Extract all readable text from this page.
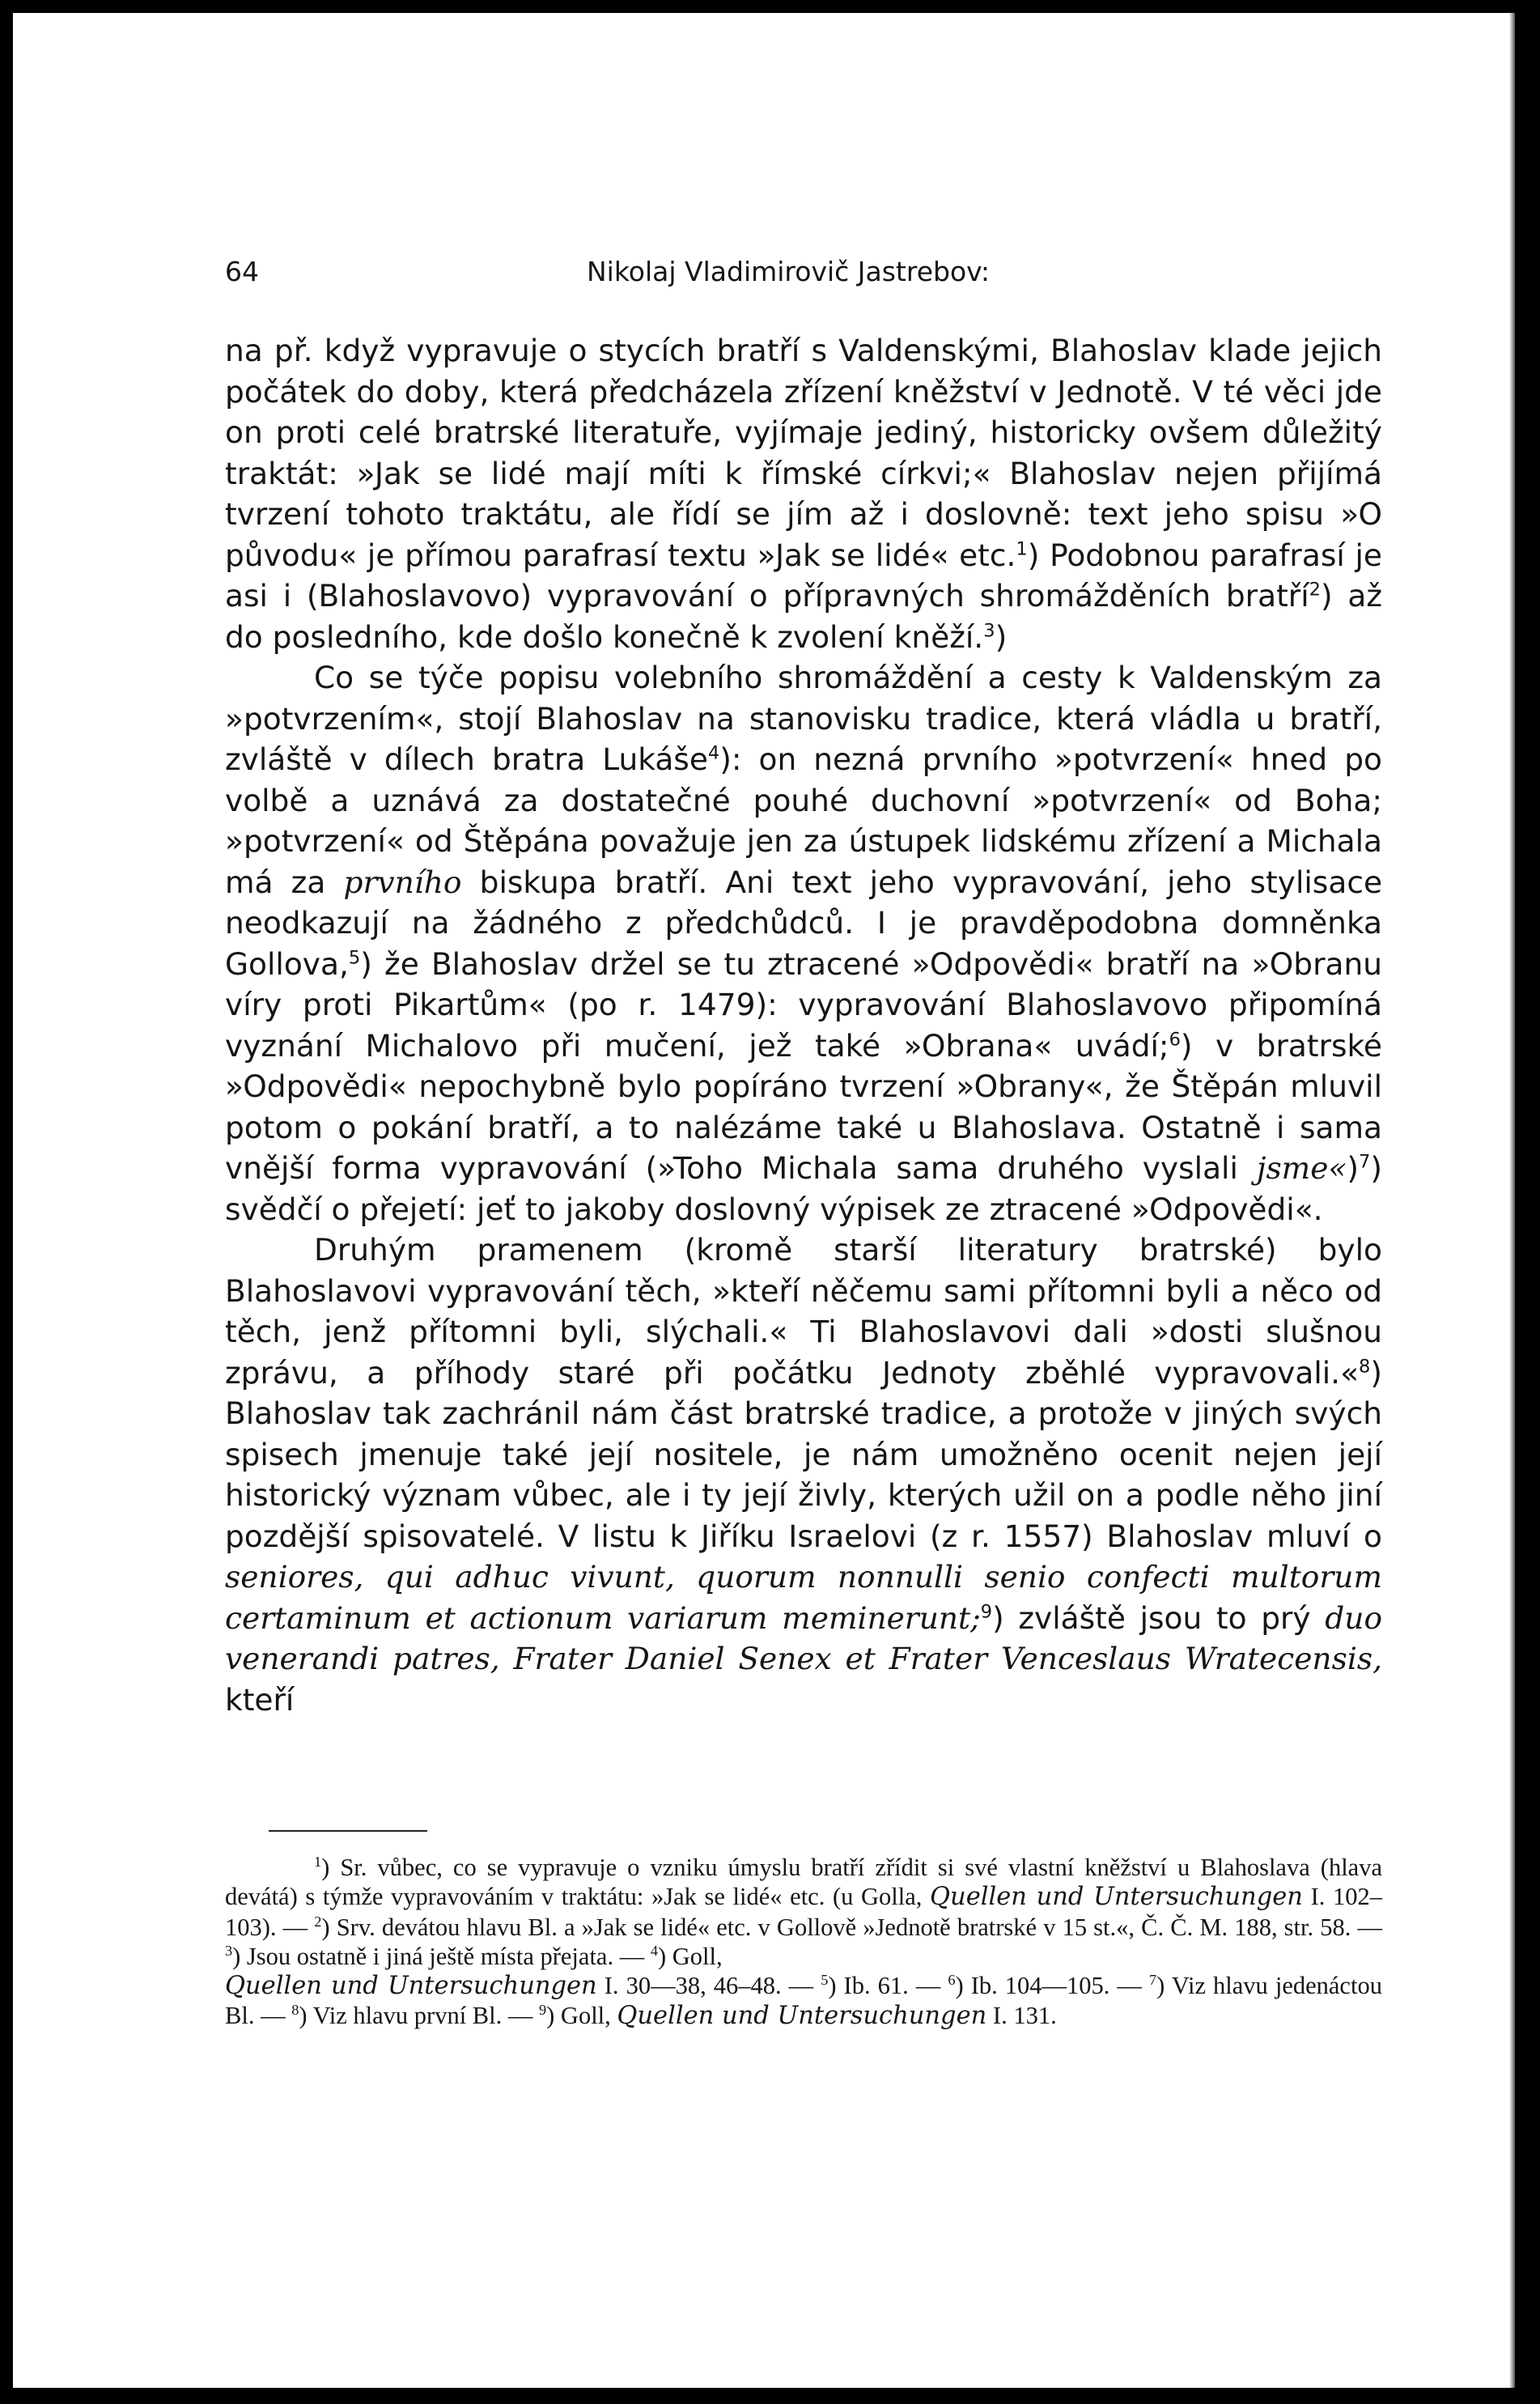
64	Nikolaj Vladimirovič Jastrebov:

na př. když vypravuje o stycích bratří s Valdenskými, Blahoslav klade jejich počátek do doby, která předcházela zřízení kněžství v Jednotě. V té věci jde on proti celé bratrské literatuře, vyjímaje jediný, historicky ovšem důležitý traktát: »Jak se lidé mají míti k římské církvi;« Blahoslav nejen přijímá tvrzení tohoto traktátu, ale řídí se jím až i doslovně: text jeho spisu »O původu« je přímou parafrasí textu »Jak se lidé« etc.$^1$) Podobnou parafrasí je asi i (Blahoslavovo) vypravování o přípravných shromážděních bratří$^2$) až do posledního, kde došlo konečně k zvolení kněží.$^3$)

Co se týče popisu volebního shromáždění a cesty k Valdenským za »potvrzením«, stojí Blahoslav na stanovisku tradice, která vládla u bratří, zvláště v dílech bratra Lukáše$^4$): on nezná prvního »potvrzení« hned po volbě a uznává za dostatečné pouhé duchovní »potvrzení« od Boha; »potvrzení« od Štěpána považuje jen za ústupek lidskému zřízení a Michala má za prvního biskupa bratří. Ani text jeho vypravování, jeho stylisace neodkazují na žádného z předchůdců. I je pravděpodobna domněnka Gollova,$^5$) že Blahoslav držel se tu ztracené »Odpovědi« bratří na »Obranu víry proti Pikartům« (po r. 1479): vypravování Blahoslavovo připomíná vyznání Michalovo při mučení, jež také »Obrana« uvádí;$^6$) v bratrské »Odpovědi« nepochybně bylo popíráno tvrzení »Obrany«, že Štěpán mluvil potom o pokání bratří, a to nalézáme také u Blahoslava. Ostatně i sama vnější forma vypravování (»Toho Michala sama druhého vyslali jsme«)$^7$) svědčí o přejetí: jeť to jakoby doslovný výpisek ze ztracené »Odpovědi«.

Druhým pramenem (kromě starší literatury bratrské) bylo Blahoslavovi vypravování těch, »kteří něčemu sami přítomni byli a něco od těch, jenž přítomni byli, slýchali.« Ti Blahoslavovi dali »dosti slušnou zprávu, a příhody staré při počátku Jednoty zběhlé vypravovali.«$^8$) Blahoslav tak zachránil nám část bratrské tradice, a protože v jiných svých spisech jmenuje také její nositele, je nám umožněno ocenit nejen její historický význam vůbec, ale i ty její živly, kterých užil on a podle něho jiní pozdější spisovatelé. V listu k Jiříku Israelovi (z r. 1557) Blahoslav mluví o seniores, qui adhuc vivunt, quorum nonnulli senio confecti multorum certaminum et actionum variarum meminerunt;$^9$) zvláště jsou to prý duo venerandi patres, Frater Daniel Senex et Frater Venceslaus Wratecensis, kteří

$^1$) Sr. vůbec, co se vypravuje o vzniku úmyslu bratří zřídit si své vlastní kněžství u Blahoslava (hlava devátá) s týmže vypravováním v traktátu: »Jak se lidé« etc. (u Golla, Quellen und Untersuchungen I. 102–103). — $^2$) Srv. devátou hlavu Bl. a »Jak se lidé« etc. v Gollově »Jednotě bratrské v 15 st.«, Č. Č. M. 188, str. 58. — $^3$) Jsou ostatně i jiná ještě místa přejata. — $^4$) Goll,
Quellen und Untersuchungen I. 30—38, 46–48. — $^5$) Ib. 61. — $^6$) Ib. 104—105. — $^7$) Viz hlavu jedenáctou Bl. — $^8$) Viz hlavu první Bl. — $^9$) Goll, Quellen und Untersuchungen I. 131.
